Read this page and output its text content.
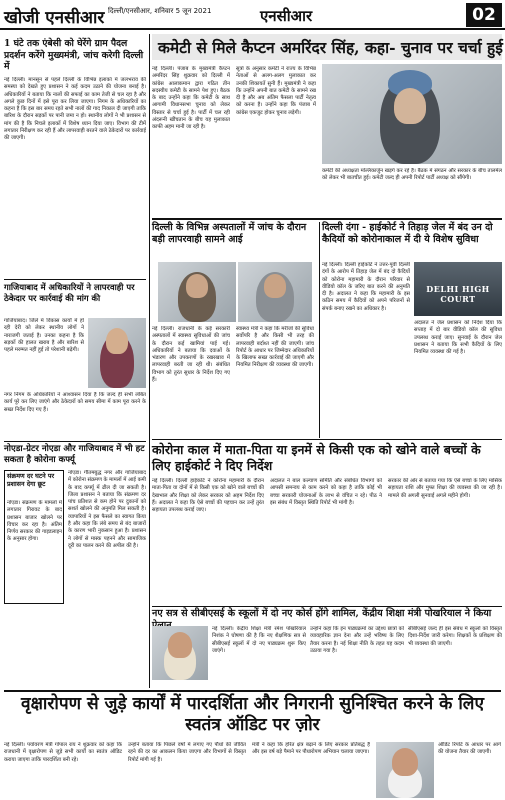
खोजी एनसीआर दिल्ली/एनसीआर, शनिवार 5 जून 2021	एनसीआर	02
1 घंटे तक एंबेसी को घेरेंगे ग्राम पैदल प्रदर्शन करेंगे मुख्यमंत्री, जांच करेगी दिल्ली में
नई दिल्ली। मानसून से पहले दिल्ली के विभिन्न इलाकों में जलभराव की समस्या को देखते हुए प्रशासन ने कई कदम उठाने की योजना बनाई है। अधिकारियों ने बताया कि नालों की सफाई का काम तेजी से चल रहा है और अगले कुछ दिनों में इसे पूरा कर लिया जाएगा। निगम के अधिकारियों का कहना है कि इस बार समय रहते सभी नालों की गाद निकाल दी जाएगी ताकि बारिश के दौरान सड़कों पर पानी जमा न हो। स्थानीय लोगों ने भी प्रशासन से मांग की है कि निचले इलाकों में विशेष ध्यान दिया जाए। विभाग की टीमें लगातार निरीक्षण कर रही हैं और लापरवाही बरतने वाले ठेकेदारों पर कार्रवाई की जाएगी।
कमेटी से मिले कैप्टन अमरिंदर सिंह, कहा- चुनाव पर चर्चा हुई
नई दिल्ली। पंजाब के मुख्यमंत्री कैप्टन अमरिंदर सिंह शुक्रवार को दिल्ली में कांग्रेस आलाकमान द्वारा गठित तीन सदस्यीय कमेटी के सामने पेश हुए। बैठक के बाद उन्होंने कहा कि कमेटी के साथ आगामी विधानसभा चुनाव को लेकर विस्तार से चर्चा हुई है। पार्टी में चल रही अंदरूनी खींचतान के बीच यह मुलाकात काफी अहम मानी जा रही है।
सूत्रों के अनुसार कमेटी ने राज्य के विभिन्न नेताओं से अलग-अलग मुलाकात कर उनकी शिकायतें सुनी हैं। मुख्यमंत्री ने कहा कि उन्होंने अपनी बात कमेटी के सामने रख दी है और अब अंतिम फैसला पार्टी नेतृत्व को करना है। उन्होंने कहा कि पंजाब में कांग्रेस एकजुट होकर चुनाव लड़ेगी।
कमेटी की अध्यक्षता मल्लिकार्जुन खड़गे कर रहे हैं। बैठक में संगठन और सरकार के बीच तालमेल को लेकर भी बातचीत हुई। कमेटी जल्द ही अपनी रिपोर्ट पार्टी अध्यक्ष को सौंपेगी।
दिल्ली के विभिन्न अस्पतालों में जांच के दौरान बड़ी लापरवाही सामने आई
नई दिल्ली। राजधानी के कई सरकारी अस्पतालों में स्वास्थ्य सुविधाओं की जांच के दौरान कई खामियां पाई गईं। अधिकारियों ने बताया कि दवाओं के भंडारण और उपकरणों के रखरखाव में लापरवाही बरती जा रही थी। संबंधित विभाग को तुरंत सुधार के निर्देश दिए गए हैं।
स्वास्थ्य मंत्री ने कहा कि मरीजों की सुविधा सर्वोपरि है और किसी भी तरह की लापरवाही बर्दाश्त नहीं की जाएगी। जांच रिपोर्ट के आधार पर जिम्मेदार अधिकारियों के खिलाफ सख्त कार्रवाई की जाएगी और नियमित निरीक्षण की व्यवस्था की जाएगी।
दिल्ली दंगा - हाईकोर्ट ने तिहाड़ जेल में बंद उन दो कैदियों को कोरोनाकाल में दी ये विशेष सुविधा
नई दिल्ली। दिल्ली हाईकोर्ट ने उत्तर-पूर्वी दिल्ली दंगों के आरोप में तिहाड़ जेल में बंद दो कैदियों को कोरोना महामारी के दौरान परिवार से वीडियो कॉल के जरिए बात करने की अनुमति दी है। अदालत ने कहा कि महामारी के इस कठिन समय में कैदियों को अपने परिजनों से संपर्क बनाए रखने का अधिकार है।
DELHI HIGH COURT
अदालत ने जेल प्रशासन को निर्देश दिया कि सप्ताह में दो बार वीडियो कॉल की सुविधा उपलब्ध कराई जाए। सुनवाई के दौरान जेल प्रशासन ने बताया कि सभी कैदियों के लिए नियमित व्यवस्था की गई है।
गाजियाबाद में अधिकारियों ने लापरवाही पर ठेकेदार पर कार्रवाई की मांग की
गाजियाबाद। जिले में विकास कार्यों में हो रही देरी को लेकर स्थानीय लोगों ने नाराजगी जताई है। उनका कहना है कि सड़कों की हालत खराब है और बारिश से पहले मरम्मत नहीं हुई तो परेशानी बढ़ेगी।
नगर निगम के अधिकारियों ने आश्वासन दिया है कि जल्द ही सभी लंबित कार्य पूरे कर लिए जाएंगे और ठेकेदारों को समय सीमा में काम पूरा करने के सख्त निर्देश दिए गए हैं।
नोएडा-ग्रेटर नोएडा और गाजियाबाद में भी हट सकता है कोरोना कर्फ्यू
संक्रमण दर घटने पर प्रशासन देगा छूट
नोएडा। संक्रमण के मामलों में लगातार गिरावट के बाद प्रशासन बाजार खोलने पर विचार कर रहा है। अंतिम निर्णय सरकार की गाइडलाइन के अनुसार होगा।
नोएडा। गौतमबुद्ध नगर और गाजियाबाद में कोरोना संक्रमण के मामलों में आई कमी के बाद कर्फ्यू में ढील दी जा सकती है। जिला प्रशासन ने बताया कि संक्रमण दर पांच प्रतिशत से कम होने पर दुकानों को सशर्त खोलने की अनुमति मिल सकती है। व्यापारियों ने इस फैसले का स्वागत किया है और कहा कि लंबे समय से बंद बाजारों के कारण भारी नुकसान हुआ है। प्रशासन ने लोगों से मास्क पहनने और सामाजिक दूरी का पालन करने की अपील की है।
कोरोना काल में माता-पिता या इनमें से किसी एक को खोने वाले बच्चों के लिए हाईकोर्ट ने दिए निर्देश
नई दिल्ली। दिल्ली हाईकोर्ट ने कोरोना महामारी के दौरान माता-पिता या दोनों में से किसी एक को खोने वाले बच्चों की देखभाल और शिक्षा को लेकर सरकार को अहम निर्देश दिए हैं। अदालत ने कहा कि ऐसे बच्चों की पहचान कर उन्हें तुरंत सहायता उपलब्ध कराई जाए।
अदालत ने बाल कल्याण समिति और संबंधित विभागों को आपसी समन्वय से काम करने को कहा है ताकि कोई भी बच्चा सरकारी योजनाओं के लाभ से वंचित न रहे। पीठ ने इस संबंध में विस्तृत स्थिति रिपोर्ट भी मांगी है।
सरकार की ओर से बताया गया कि ऐसे बच्चों के लिए मासिक सहायता राशि और मुफ्त शिक्षा की व्यवस्था की जा रही है। मामले की अगली सुनवाई अगले महीने होगी।
नए सत्र से सीबीएसई के स्कूलों में दो नए कोर्स होंगे शामिल, केंद्रीय शिक्षा मंत्री पोखरियाल ने किया
नई दिल्ली। केंद्रीय शिक्षा मंत्री रमेश पोखरियाल निशंक ने घोषणा की है कि नए शैक्षणिक सत्र से सीबीएसई स्कूलों में दो नए पाठ्यक्रम शुरू किए जाएंगे।
उन्होंने कहा कि इन पाठ्यक्रमों का उद्देश्य छात्रों को व्यावहारिक ज्ञान देना और उन्हें भविष्य के लिए तैयार करना है। नई शिक्षा नीति के तहत यह कदम उठाया गया है।
सीबीएसई जल्द ही इस संबंध में स्कूलों को विस्तृत दिशा-निर्देश जारी करेगा। शिक्षकों के प्रशिक्षण की भी व्यवस्था की जाएगी।
वृक्षारोपण से जुड़े कार्यों में पारदर्शिता और निगरानी सुनिश्चित करने के लिए स्वतंत्र ऑडिट पर ज़ोर
नई दिल्ली। पर्यावरण मंत्री गोपाल राय ने शुक्रवार को कहा कि राजधानी में वृक्षारोपण से जुड़े सभी कार्यों का स्वतंत्र ऑडिट कराया जाएगा ताकि पारदर्शिता बनी रहे।
उन्होंने बताया कि पिछले वर्षों में लगाए गए पौधों की जीवित रहने की दर का आकलन किया जाएगा और विभागों से विस्तृत रिपोर्ट मांगी गई है।
मंत्री ने कहा कि हरित क्षेत्र बढ़ाने के लिए सरकार प्रतिबद्ध है और इस वर्ष बड़े पैमाने पर पौधारोपण अभियान चलाया जाएगा।
ऑडिट रिपोर्ट के आधार पर आगे की योजना तैयार की जाएगी।
